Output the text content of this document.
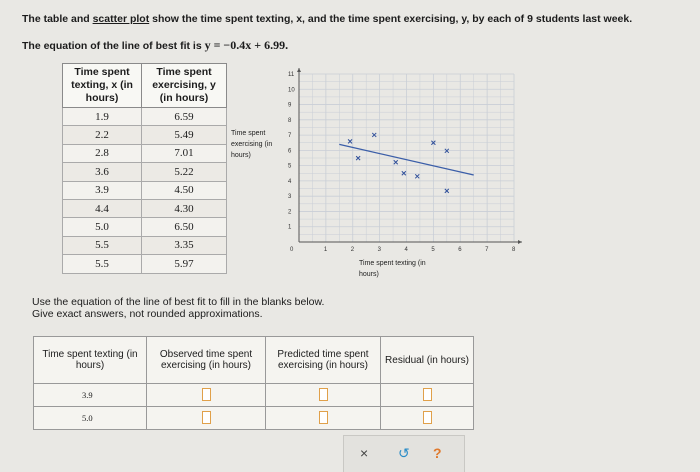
The table and scatter plot show the time spent texting, x, and the time spent exercising, y, by each of 9 students last week.
The equation of the line of best fit is y = −0.4x + 6.99.
Time spent texting, x (in hours)	Time spent exercising, y (in hours)
1.9	6.59
2.2	5.49
2.8	7.01
3.6	5.22
3.9	4.50
4.4	4.30
5.0	6.50
5.5	3.35
5.5	5.97
0	1	2	3	4	5	6	7	8
1
2
3
4
5
6
7
8
9
10
11
Time spent exercising (in hours)
Time spent texting (in hours)
Use the equation of the line of best fit to fill in the blanks below.
Give exact answers, not rounded approximations.
Time spent texting (in hours)	Observed time spent exercising (in hours)	Predicted time spent exercising (in hours)	Residual (in hours)
3.9			
5.0			
× ↺ ?
